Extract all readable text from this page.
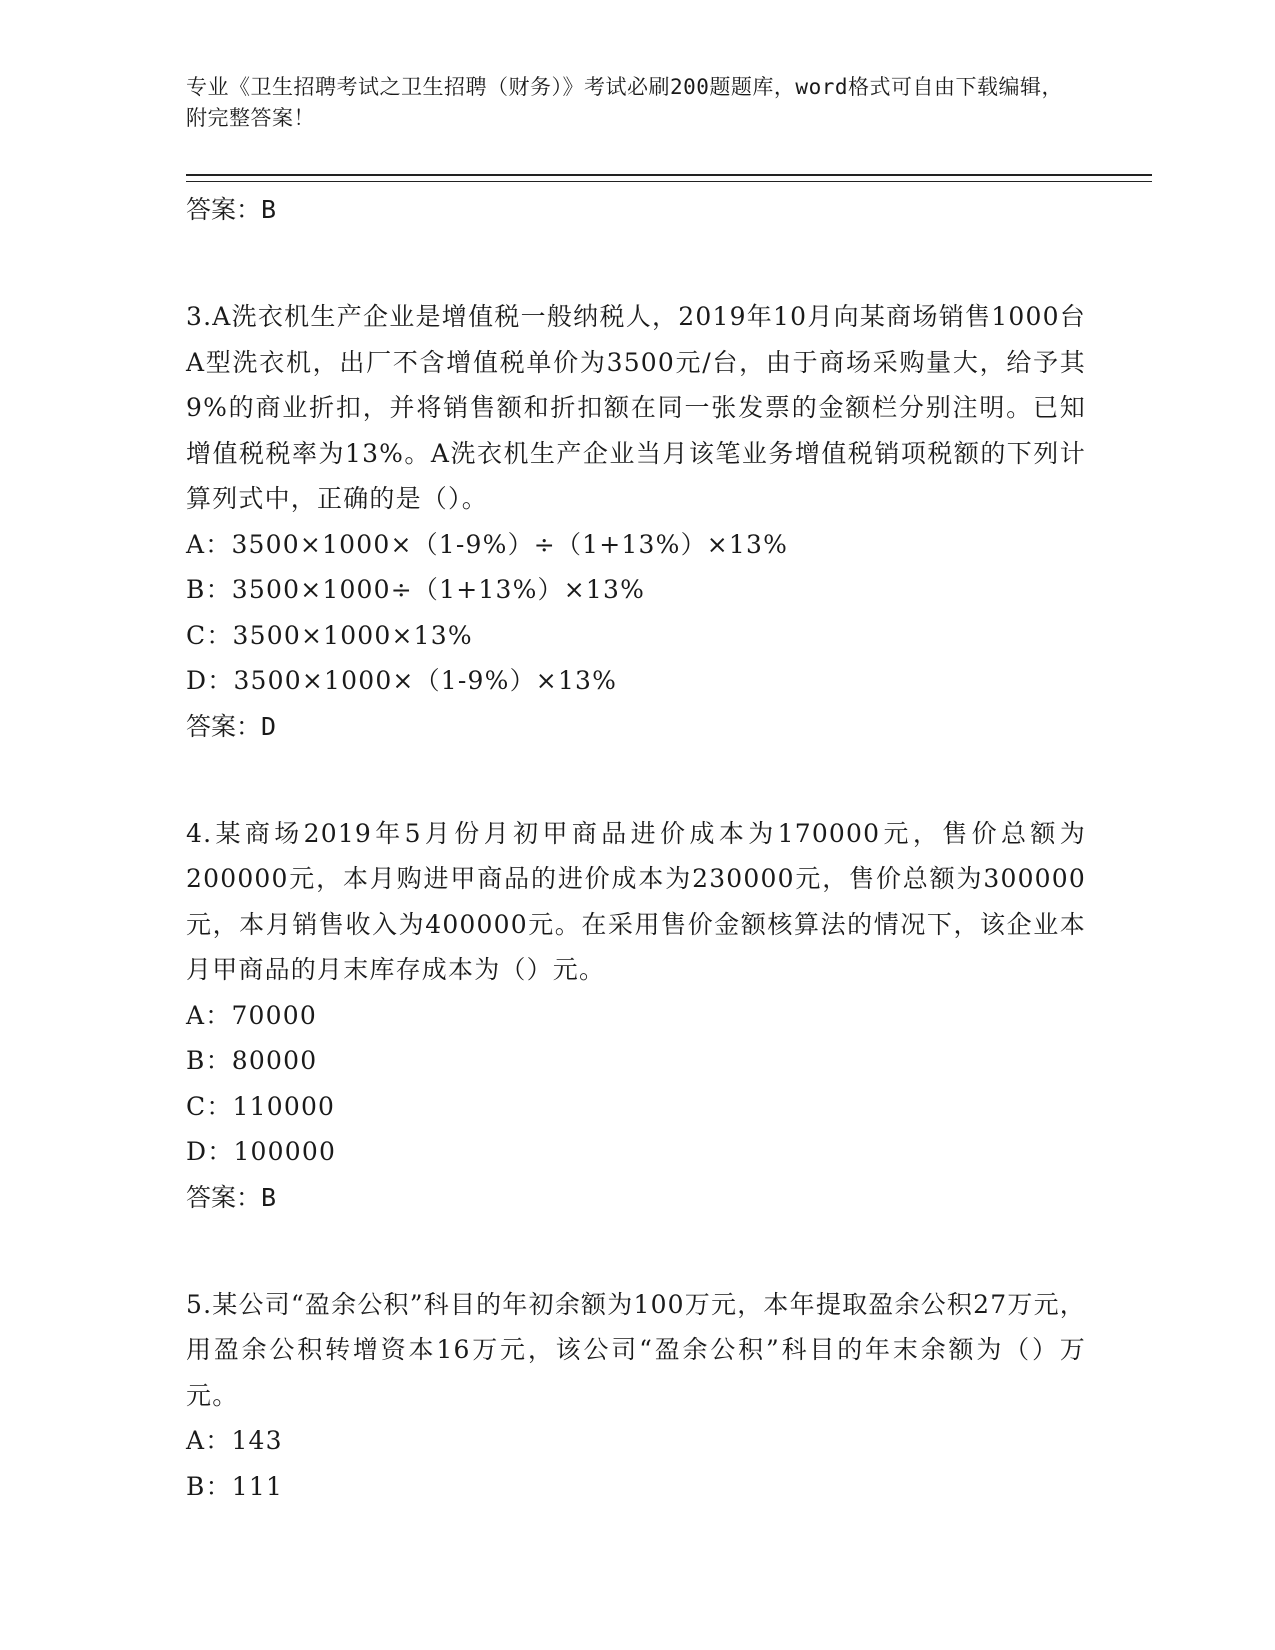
专业《卫生招聘考试之卫生招聘（财务）》考试必刷200题题库，word格式可自由下载编辑，附完整答案！

答案：B

3.A洗衣机生产企业是增值税一般纳税人，2019年10月向某商场销售1000台A型洗衣机，出厂不含增值税单价为3500元/台，由于商场采购量大，给予其9%的商业折扣，并将销售额和折扣额在同一张发票的金额栏分别注明。已知增值税税率为13%。A洗衣机生产企业当月该笔业务增值税销项税额的下列计算列式中，正确的是（）。

A：3500×1000×（1-9%）÷（1+13%）×13%

B：3500×1000÷（1+13%）×13%

C：3500×1000×13%

D：3500×1000×（1-9%）×13%

答案：D

4.某商场2019年5月份月初甲商品进价成本为170000元，售价总额为200000元，本月购进甲商品的进价成本为230000元，售价总额为300000元，本月销售收入为400000元。在采用售价金额核算法的情况下，该企业本月甲商品的月末库存成本为（）元。

A：70000

B：80000

C：110000

D：100000

答案：B

5.某公司“盈余公积”科目的年初余额为100万元，本年提取盈余公积27万元，用盈余公积转增资本16万元，该公司“盈余公积”科目的年末余额为（）万元。

A：143

B：111
